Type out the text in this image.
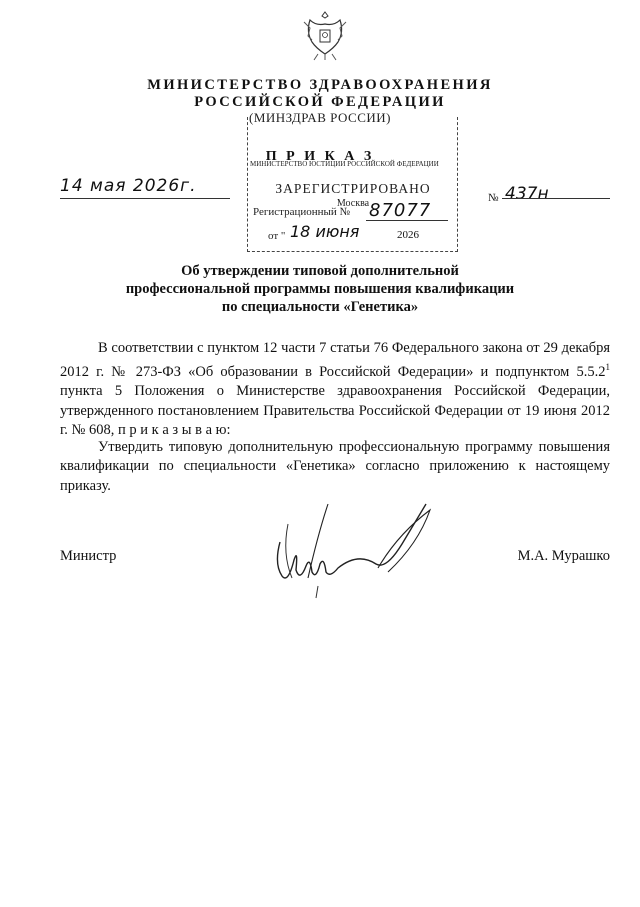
МИНИСТЕРСТВО ЗДРАВООХРАНЕНИЯ
РОССИЙСКОЙ ФЕДЕРАЦИИ
(МИНЗДРАВ РОССИИ)
МИНИСТЕРСТВО ЮСТИЦИИ РОССИЙСКОЙ ФЕДЕРАЦИИ
П Р И К А З
ЗАРЕГИСТРИРОВАНО
Москва
Регистрационный № 87077
от " 18 июня	2026
14 мая 2026г.
№ 437н
Об утверждении типовой дополнительной
профессиональной программы повышения квалификации
по специальности «Генетика»

В соответствии с пунктом 12 части 7 статьи 76 Федерального закона от 29 декабря 2012 г. № 273-ФЗ «Об образовании в Российской Федерации» и подпунктом 5.5.2$^1$ пункта 5 Положения о Министерстве здравоохранения Российской Федерации, утвержденного постановлением Правительства Российской Федерации от 19 июня 2012 г. № 608, п р и к а з ы в а ю:

Утвердить типовую дополнительную профессиональную программу повышения квалификации по специальности «Генетика» согласно приложению к настоящему приказу.

Министр	М.А. Мурашко
